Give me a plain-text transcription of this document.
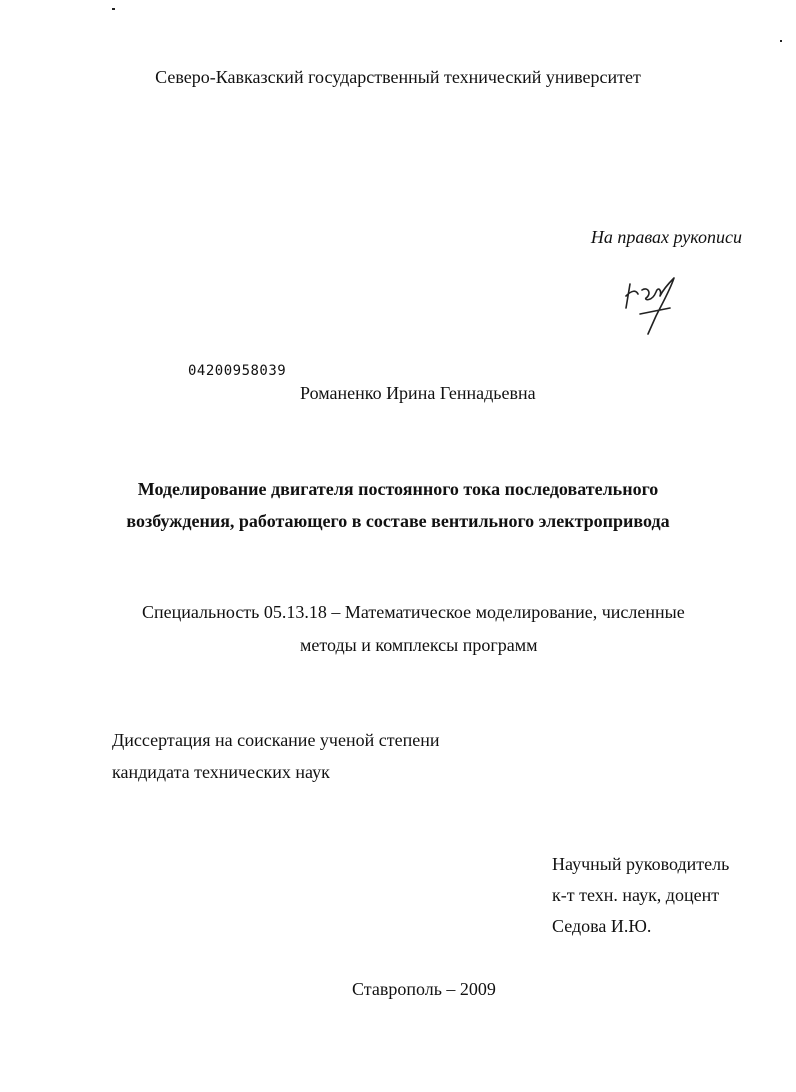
Северо-Кавказский государственный технический университет
На правах рукописи
04200958039
Романенко Ирина Геннадьевна
Моделирование двигателя постоянного тока последовательного
возбуждения, работающего в составе вентильного электропривода
Специальность 05.13.18 – Математическое моделирование, численные
методы и комплексы программ
Диссертация на соискание ученой степени
кандидата технических наук
Научный руководитель
к-т техн. наук, доцент
Седова И.Ю.
Ставрополь – 2009
